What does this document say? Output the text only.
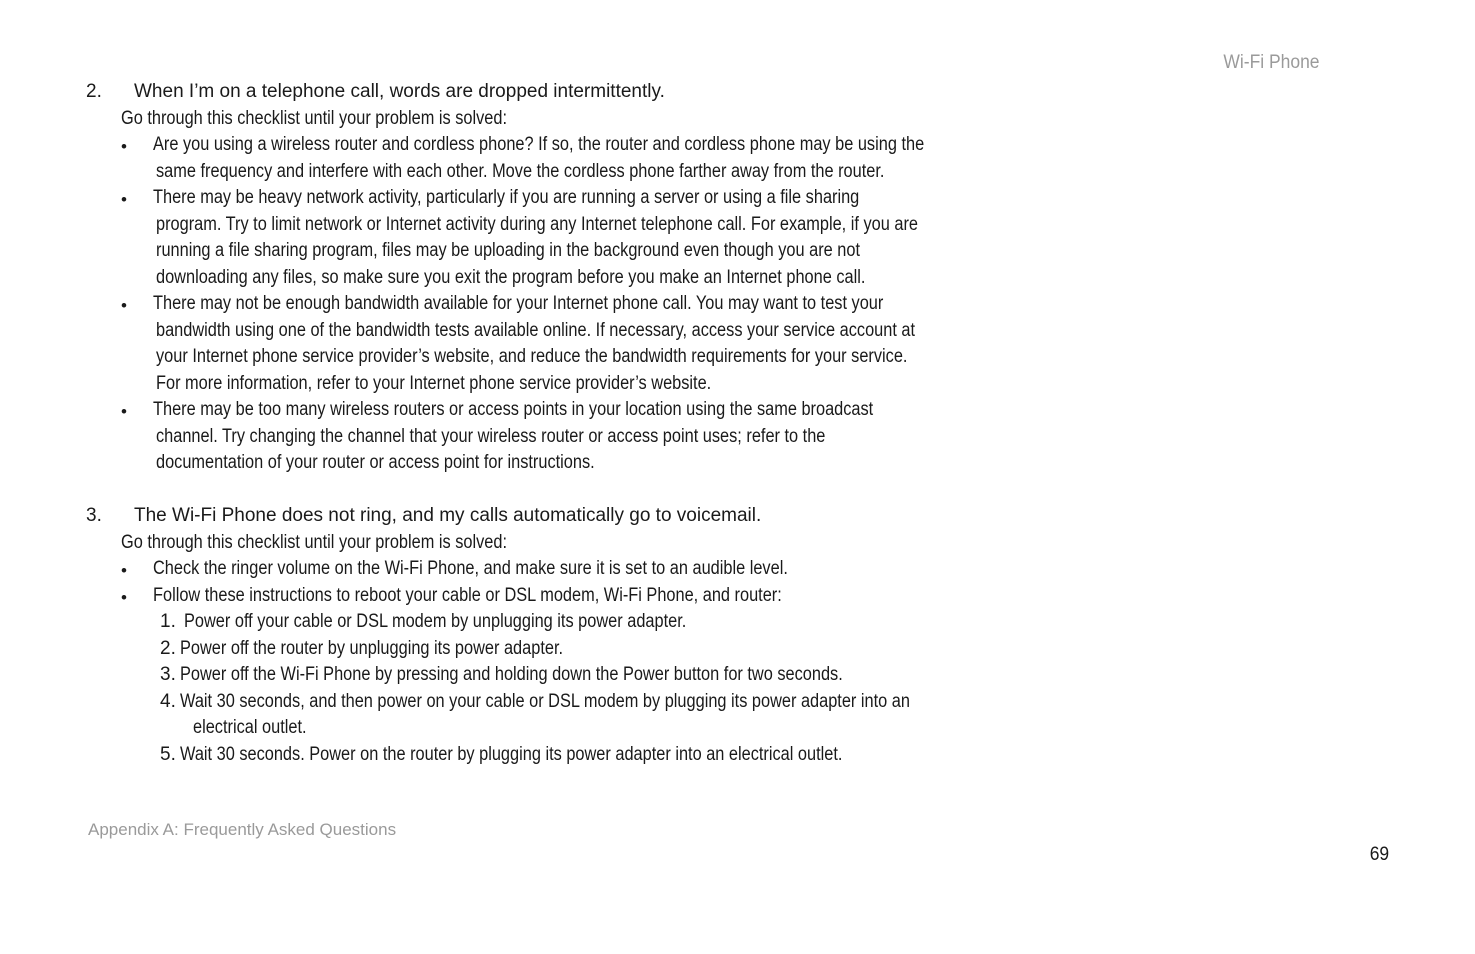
Wi-Fi Phone
2. When I’m on a telephone call, words are dropped intermittently.
Go through this checklist until your problem is solved:
• Are you using a wireless router and cordless phone? If so, the router and cordless phone may be using the
same frequency and interfere with each other. Move the cordless phone farther away from the router.
• There may be heavy network activity, particularly if you are running a server or using a file sharing
program. Try to limit network or Internet activity during any Internet telephone call. For example, if you are
running a file sharing program, files may be uploading in the background even though you are not
downloading any files, so make sure you exit the program before you make an Internet phone call.
• There may not be enough bandwidth available for your Internet phone call. You may want to test your
bandwidth using one of the bandwidth tests available online. If necessary, access your service account at
your Internet phone service provider’s website, and reduce the bandwidth requirements for your service.
For more information, refer to your Internet phone service provider’s website.
• There may be too many wireless routers or access points in your location using the same broadcast
channel. Try changing the channel that your wireless router or access point uses; refer to the
documentation of your router or access point for instructions.
3. The Wi-Fi Phone does not ring, and my calls automatically go to voicemail.
Go through this checklist until your problem is solved:
• Check the ringer volume on the Wi-Fi Phone, and make sure it is set to an audible level.
• Follow these instructions to reboot your cable or DSL modem, Wi-Fi Phone, and router:
1. Power off your cable or DSL modem by unplugging its power adapter.
2. Power off the router by unplugging its power adapter.
3. Power off the Wi-Fi Phone by pressing and holding down the Power button for two seconds.
4. Wait 30 seconds, and then power on your cable or DSL modem by plugging its power adapter into an
electrical outlet.
5. Wait 30 seconds. Power on the router by plugging its power adapter into an electrical outlet.
Appendix A: Frequently Asked Questions
69
